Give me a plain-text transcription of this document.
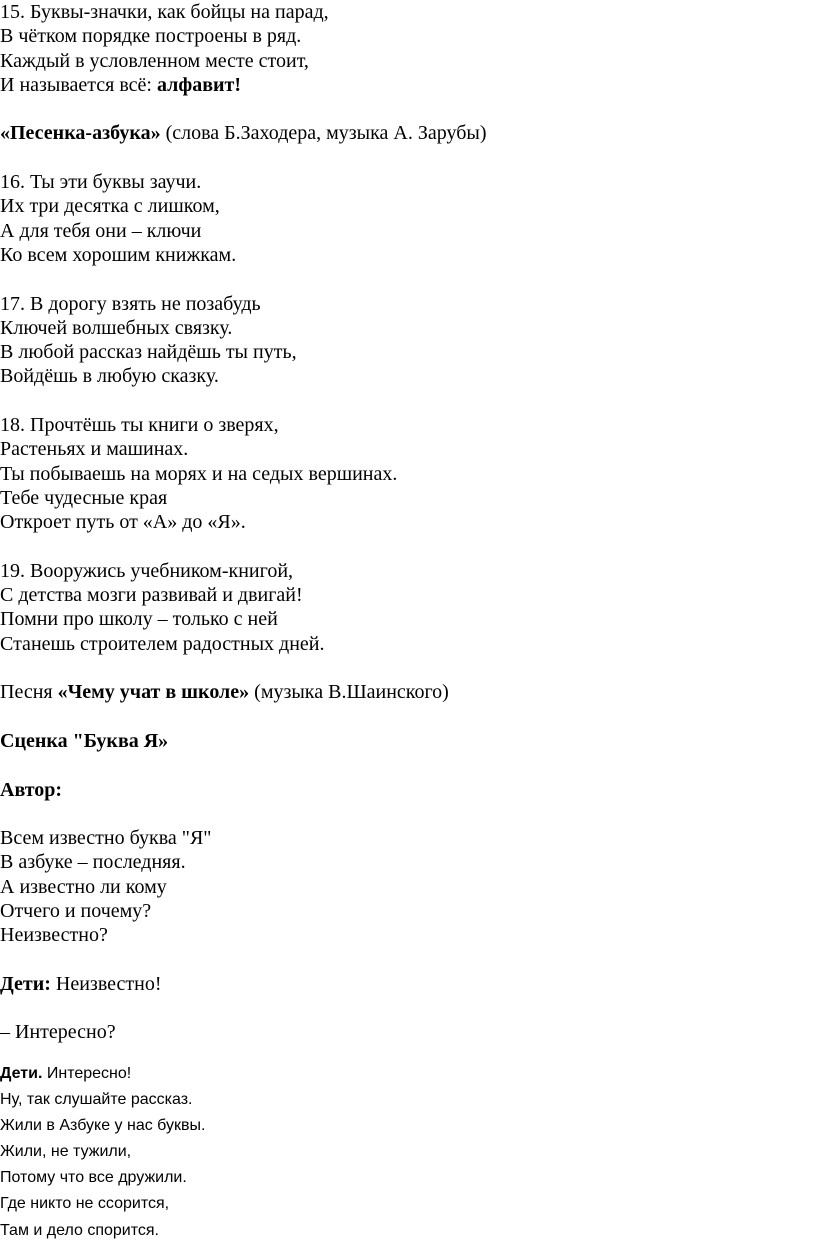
15. Буквы-значки, как бойцы на парад,
В чётком порядке построены в ряд.
Каждый в условленном месте стоит,
И называется всё: алфавит!
«Песенка-азбука» (слова Б.Заходера, музыка А. Зарубы)
16. Ты эти буквы заучи.
Их три десятка с лишком,
А для тебя они – ключи
Ко всем хорошим книжкам.
17. В дорогу взять не позабудь
Ключей волшебных связку.
В любой рассказ найдёшь ты путь,
Войдёшь в любую сказку.
18. Прочтёшь ты книги о зверях,
Растеньях и машинах.
Ты побываешь на морях и на седых вершинах.
Тебе чудесные края
Откроет путь от «А» до «Я».
19. Вооружись учебником-книгой,
С детства мозги развивай и двигай!
Помни про школу – только с ней
Станешь строителем радостных дней.
Песня «Чему учат в школе» (музыка В.Шаинского)
Сценка "Буква Я»
Автор:
Всем известно буква "Я"
В азбуке – последняя.
А известно ли кому
Отчего и почему?
Неизвестно?
Дети: Неизвестно!
– Интересно?
Дети. Интересно!
Ну, так слушайте рассказ.
Жили в Азбуке у нас буквы.
Жили, не тужили,
Потому что все дружили.
Где никто не ссорится,
Там и дело спорится.
